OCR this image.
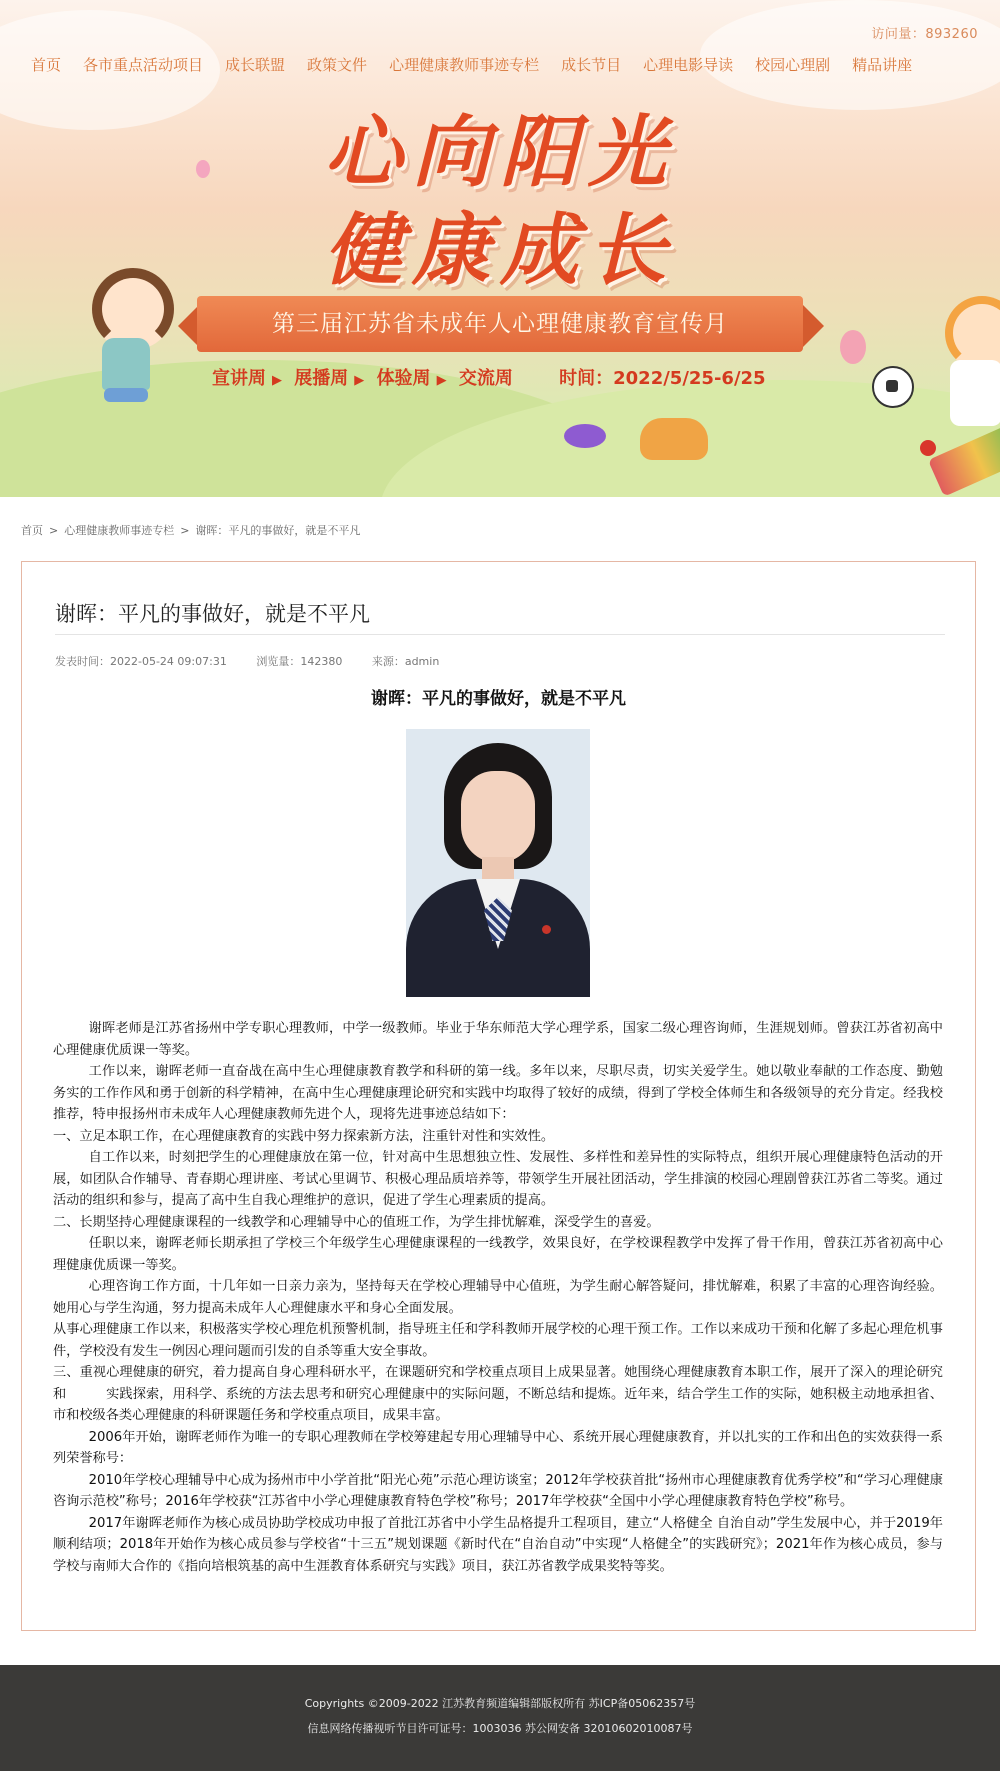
访问量：893260
首页	各市重点活动项目	成长联盟	政策文件	心理健康教师事迹专栏	成长节目	心理电影导读	校园心理剧	精品讲座
心向阳光
健康成长
第三届江苏省未成年人心理健康教育宣传月
宣讲周 ▶ 展播周 ▶ 体验周 ▶ 交流周	时间：2022/5/25-6/25
首页 > 心理健康教师事迹专栏 > 谢晖：平凡的事做好，就是不平凡
谢晖：平凡的事做好，就是不平凡
发表时间：2022-05-24 09:07:31	浏览量：142380	来源：admin
谢晖：平凡的事做好，就是不平凡

谢晖老师是江苏省扬州中学专职心理教师，中学一级教师。毕业于华东师范大学心理学系，国家二级心理咨询师，生涯规划师。曾获江苏省初高中心理健康优质课一等奖。

工作以来，谢晖老师一直奋战在高中生心理健康教育教学和科研的第一线。多年以来，尽职尽责，切实关爱学生。她以敬业奉献的工作态度、勤勉务实的工作作风和勇于创新的科学精神，在高中生心理健康理论研究和实践中均取得了较好的成绩，得到了学校全体师生和各级领导的充分肯定。经我校推荐，特申报扬州市未成年人心理健康教师先进个人，现将先进事迹总结如下：

一、立足本职工作，在心理健康教育的实践中努力探索新方法，注重针对性和实效性。

自工作以来，时刻把学生的心理健康放在第一位，针对高中生思想独立性、发展性、多样性和差异性的实际特点，组织开展心理健康特色活动的开展，如团队合作辅导、青春期心理讲座、考试心里调节、积极心理品质培养等，带领学生开展社团活动，学生排演的校园心理剧曾获江苏省二等奖。通过活动的组织和参与，提高了高中生自我心理维护的意识，促进了学生心理素质的提高。

二、长期坚持心理健康课程的一线教学和心理辅导中心的值班工作，为学生排忧解难，深受学生的喜爱。

任职以来，谢晖老师长期承担了学校三个年级学生心理健康课程的一线教学，效果良好，在学校课程教学中发挥了骨干作用，曾获江苏省初高中心理健康优质课一等奖。

心理咨询工作方面，十几年如一日亲力亲为，坚持每天在学校心理辅导中心值班，为学生耐心解答疑问，排忧解难，积累了丰富的心理咨询经验。她用心与学生沟通，努力提高未成年人心理健康水平和身心全面发展。

从事心理健康工作以来，积极落实学校心理危机预警机制，指导班主任和学科教师开展学校的心理干预工作。工作以来成功干预和化解了多起心理危机事件，学校没有发生一例因心理问题而引发的自杀等重大安全事故。

三、重视心理健康的研究，着力提高自身心理科研水平，在课题研究和学校重点项目上成果显著。她围绕心理健康教育本职工作，展开了深入的理论研究和　　　实践探索，用科学、系统的方法去思考和研究心理健康中的实际问题，不断总结和提炼。近年来，结合学生工作的实际，她积极主动地承担省、市和校级各类心理健康的科研课题任务和学校重点项目，成果丰富。

2006年开始，谢晖老师作为唯一的专职心理教师在学校筹建起专用心理辅导中心、系统开展心理健康教育，并以扎实的工作和出色的实效获得一系列荣誉称号：

2010年学校心理辅导中心成为扬州市中小学首批“阳光心苑”示范心理访谈室；2012年学校获首批“扬州市心理健康教育优秀学校”和“学习心理健康咨询示范校”称号；2016年学校获“江苏省中小学心理健康教育特色学校”称号；2017年学校获“全国中小学心理健康教育特色学校”称号。

2017年谢晖老师作为核心成员协助学校成功申报了首批江苏省中小学生品格提升工程项目，建立“人格健全 自治自动”学生发展中心，并于2019年顺利结项；2018年开始作为核心成员参与学校省“十三五”规划课题《新时代在“自治自动”中实现“人格健全”的实践研究》；2021年作为核心成员，参与学校与南师大合作的《指向培根筑基的高中生涯教育体系研究与实践》项目，获江苏省教学成果奖特等奖。

Copyrights ©2009-2022 江苏教育频道编辑部版权所有 苏ICP备05062357号
信息网络传播视听节目许可证号：1003036 苏公网安备 32010602010087号
